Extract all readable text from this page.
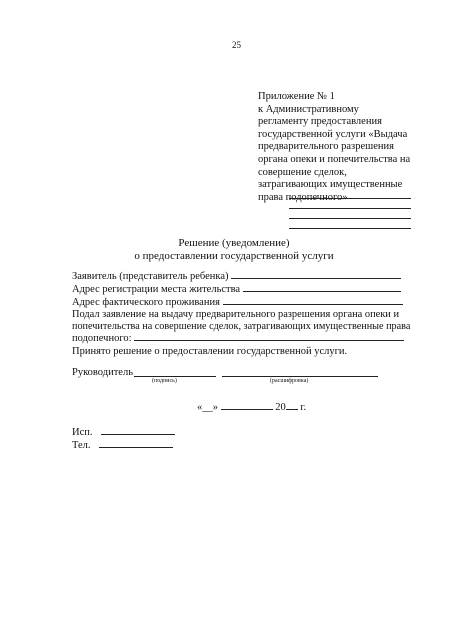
25
Приложение № 1
к Административному
регламенту предоставления
государственной услуги «Выдача
предварительного разрешения
органа опеки и попечительства на
совершение сделок,
затрагивающих имущественные
права подопечного»
Решение (уведомление)
о предоставлении государственной услуги
Заявитель (представитель ребенка)
Адрес регистрации места жительства
Адрес фактического проживания
Подал заявление на выдачу предварительного разрешения органа опеки и
попечительства на совершение сделок, затрагивающих имущественные права
подопечного:
Принято решение о предоставлении государственной услуги.
Руководитель
(подпись)	(расшифровка)
«__»	20 г.
Исп.
Тел.
